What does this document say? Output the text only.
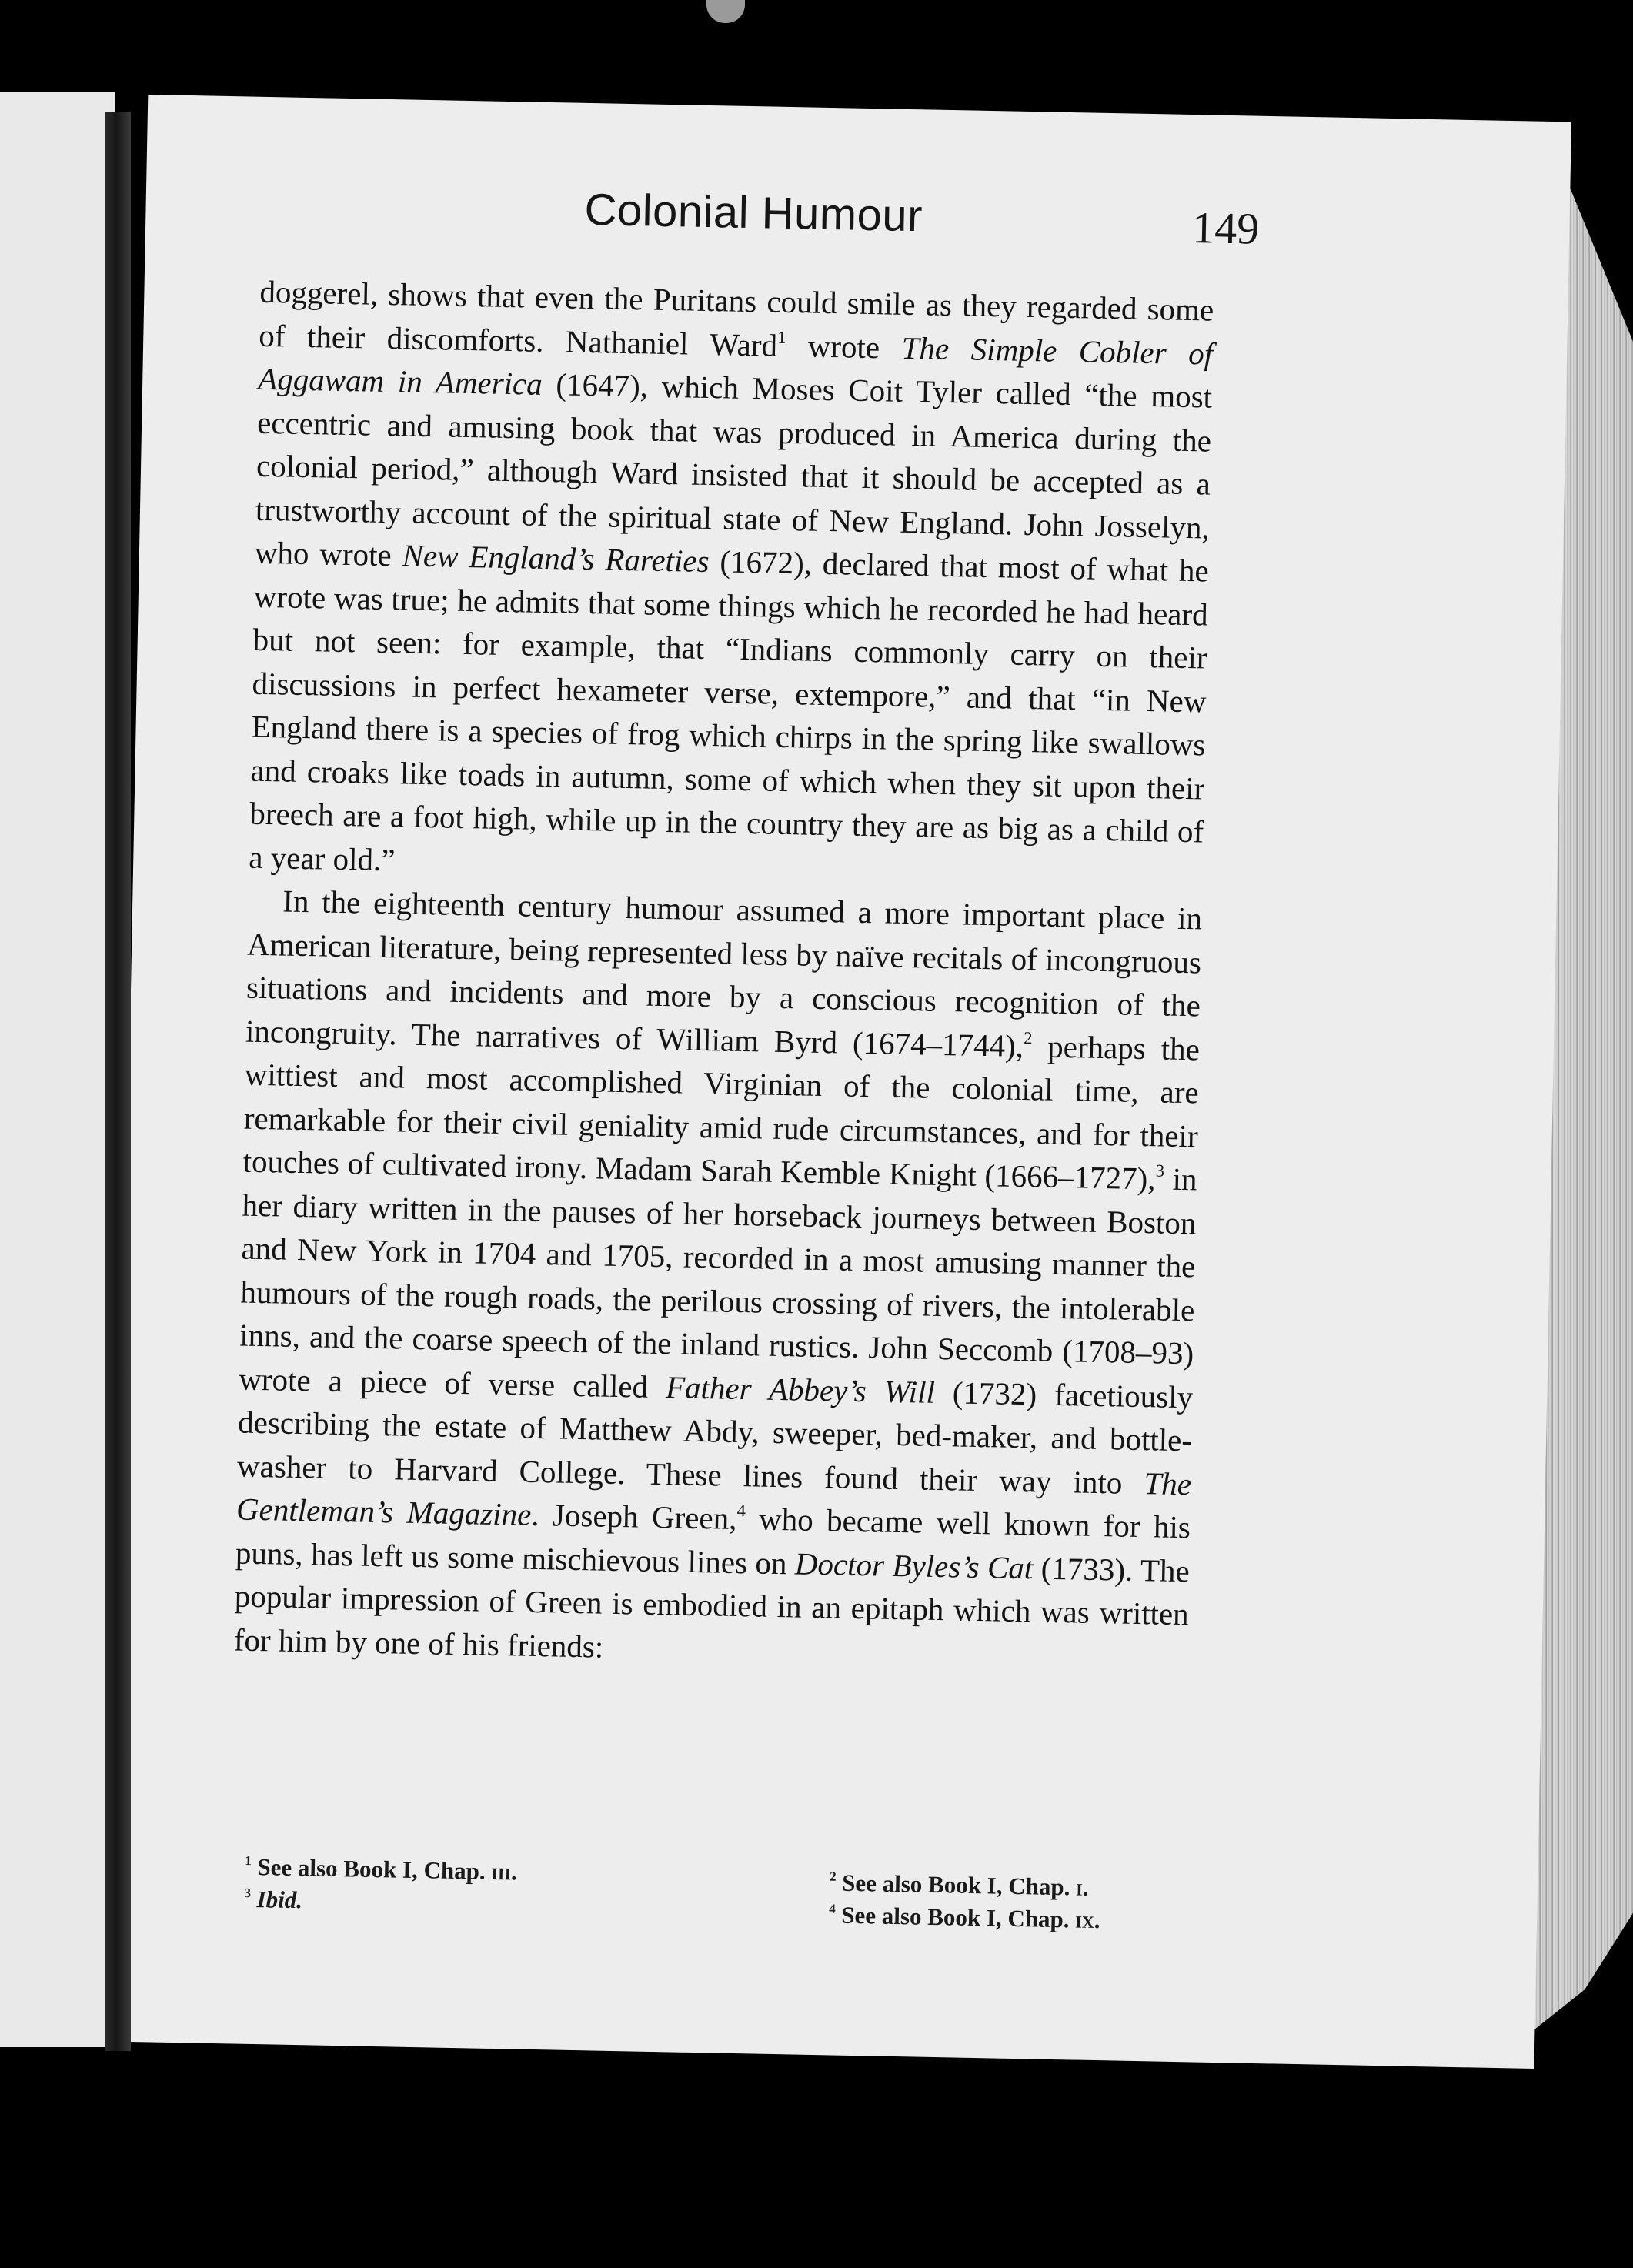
Colonial Humour	149

doggerel, shows that even the Puritans could smile as they regarded some of their discomforts. Nathaniel Ward$^1$ wrote The Simple Cobler of Aggawam in America (1647), which Moses Coit Tyler called “the most eccentric and amusing book that was produced in America during the colonial period,” although Ward insisted that it should be accepted as a trustworthy account of the spiritual state of New England. John Josselyn, who wrote New England’s Rareties (1672), declared that most of what he wrote was true; he admits that some things which he recorded he had heard but not seen: for example, that “Indians commonly carry on their discussions in perfect hexameter verse, extempore,” and that “in New England there is a species of frog which chirps in the spring like swallows and croaks like toads in autumn, some of which when they sit upon their breech are a foot high, while up in the country they are as big as a child of a year old.”

In the eighteenth century humour assumed a more important place in American literature, being represented less by naïve recitals of incongruous situations and incidents and more by a conscious recognition of the incongruity. The narratives of William Byrd (1674–1744),$^2$ perhaps the wittiest and most accomplished Virginian of the colonial time, are remarkable for their civil geniality amid rude circumstances, and for their touches of cultivated irony. Madam Sarah Kemble Knight (1666–1727),$^3$ in her diary written in the pauses of her horseback journeys between Boston and New York in 1704 and 1705, recorded in a most amusing manner the humours of the rough roads, the perilous crossing of rivers, the intolerable inns, and the coarse speech of the inland rustics. John Seccomb (1708–93) wrote a piece of verse called Father Abbey’s Will (1732) facetiously describing the estate of Matthew Abdy, sweeper, bed-maker, and bottle-washer to Harvard College. These lines found their way into The Gentleman’s Magazine. Joseph Green,$^4$ who became well known for his puns, has left us some mischievous lines on Doctor Byles’s Cat (1733). The popular impression of Green is embodied in an epitaph which was written for him by one of his friends:

$^1$ See also Book I, Chap. iii.
$^3$ Ibid.
$^2$ See also Book I, Chap. i.
$^4$ See also Book I, Chap. ix.
